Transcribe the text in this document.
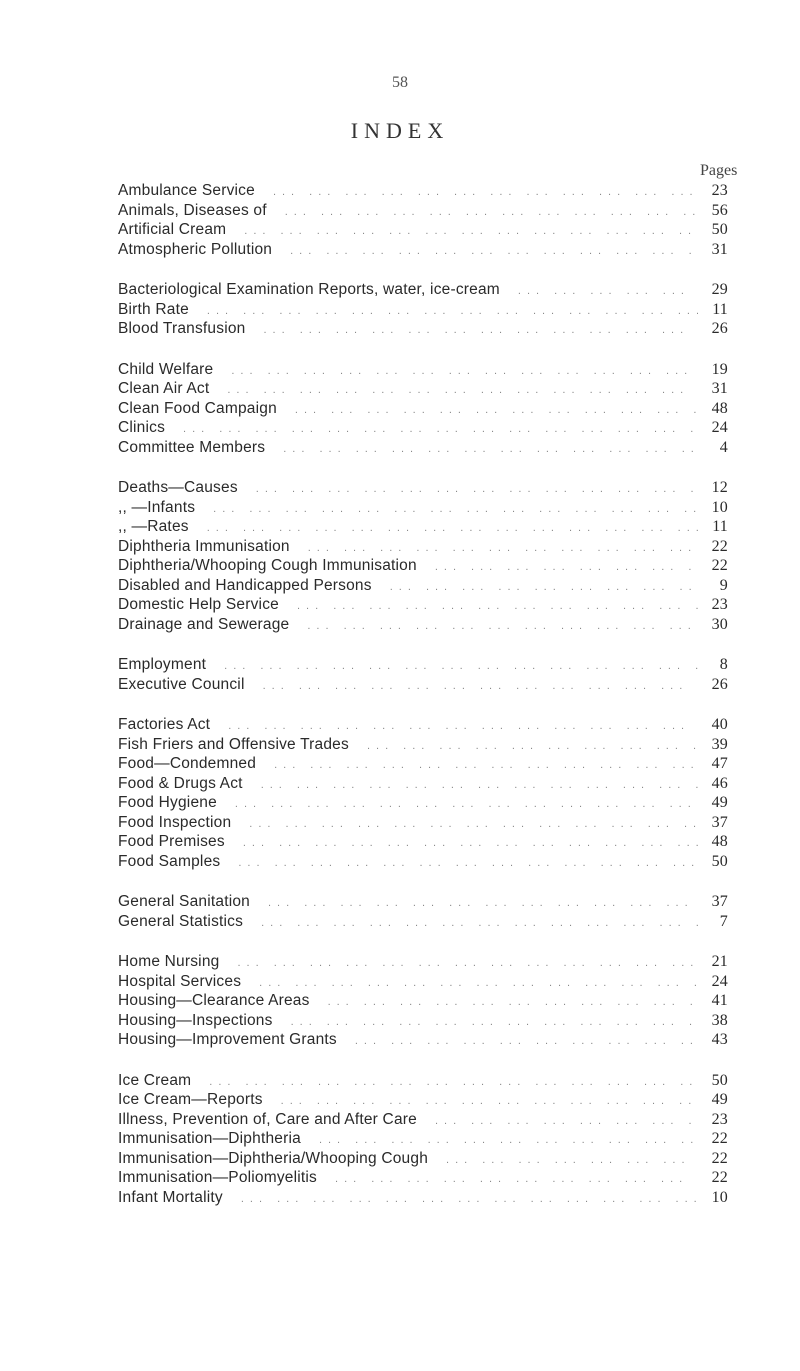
58
INDEX
Pages
Ambulance Service ... .	23
Animals, Diseases of ... .	56
Artificial Cream ... .	50
Atmospheric Pollution ... .	31
Bacteriological Examination Reports, water, ice-cream ... .	29
Birth Rate ... .	11
Blood Transfusion ... .	26
Child Welfare ... .	19
Clean Air Act ... .	31
Clean Food Campaign ... .	48
Clinics ... .	24
Committee Members ... .	4
Deaths—Causes ... .	12
,, —Infants ... .	10
,, —Rates ... .	11
Diphtheria Immunisation ... .	22
Diphtheria/Whooping Cough Immunisation ... .	22
Disabled and Handicapped Persons ... .	9
Domestic Help Service ... .	23
Drainage and Sewerage ... .	30
Employment ... .	8
Executive Council ... .	26
Factories Act ... .	40
Fish Friers and Offensive Trades ... .	39
Food—Condemned ... .	47
Food & Drugs Act ... .	46
Food Hygiene ... .	49
Food Inspection ... .	37
Food Premises ... .	48
Food Samples ... .	50
General Sanitation ... .	37
General Statistics ... .	7
Home Nursing ... .	21
Hospital Services ... .	24
Housing—Clearance Areas ... .	41
Housing—Inspections ... .	38
Housing—Improvement Grants ... .	43
Ice Cream ... .	50
Ice Cream—Reports ... .	49
Illness, Prevention of, Care and After Care ... .	23
Immunisation—Diphtheria ... .	22
Immunisation—Diphtheria/Whooping Cough ... .	22
Immunisation—Poliomyelitis ... .	22
Infant Mortality ... .	10
